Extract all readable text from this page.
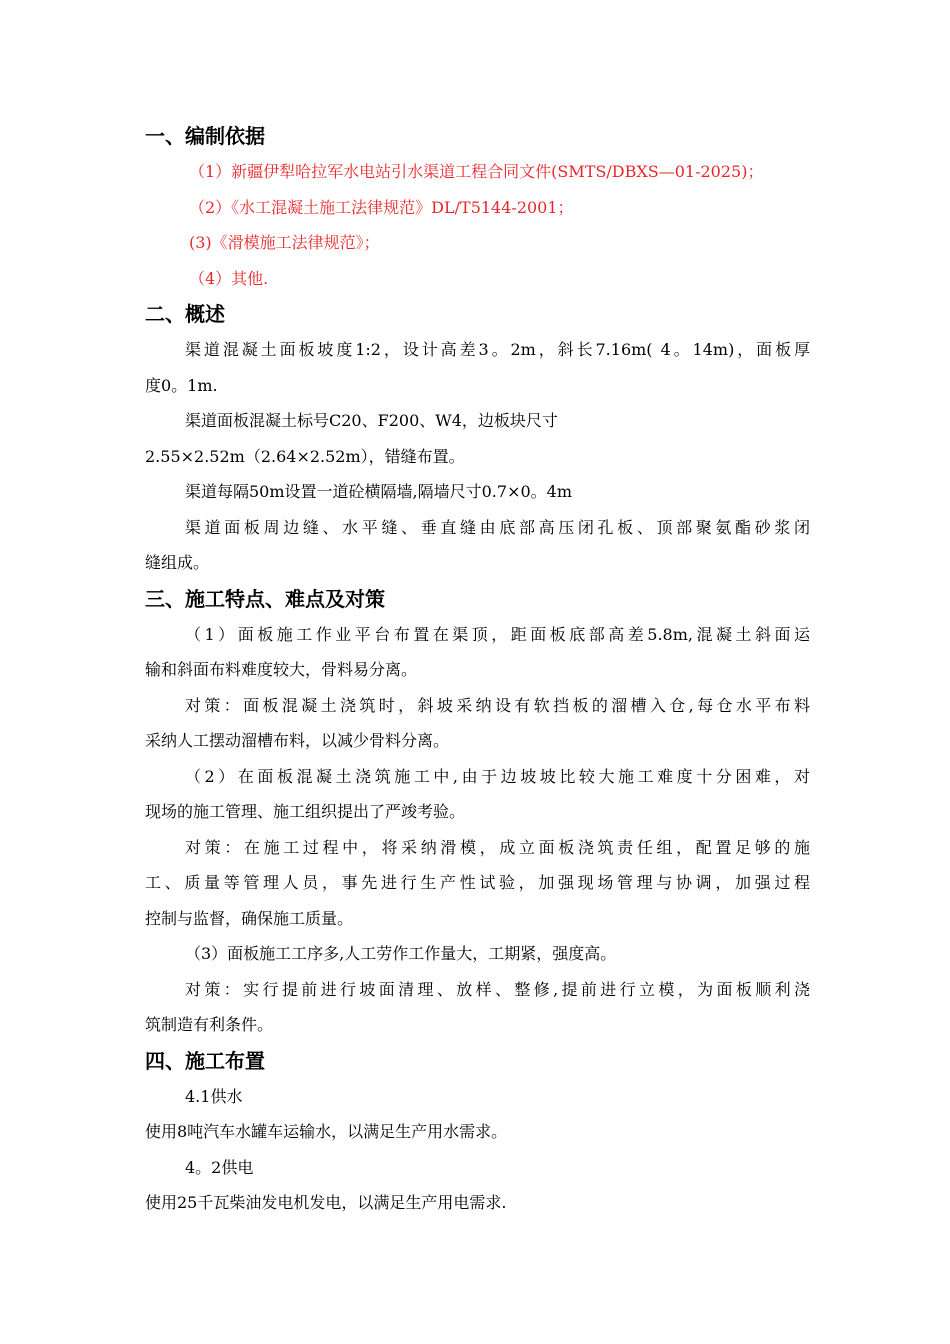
一、编制依据
（1）新疆伊犁哈拉军水电站引水渠道工程合同文件(SMTS/DBXS—01-2025)；
（2）《水工混凝土施工法律规范》DL/T5144-2001；
(3)《滑模施工法律规范》；
（4）其他.
二、概述
渠道混凝土面板坡度1:2，设计高差3。2m，斜长7.16m( 4。14m)，面板厚
度0。1m.
渠道面板混凝土标号C20、F200、W4，边板块尺寸
2.55×2.52m（2.64×2.52m），错缝布置。
渠道每隔50m设置一道砼横隔墙,隔墙尺寸0.7×0。4m
渠道面板周边缝、水平缝、垂直缝由底部高压闭孔板、顶部聚氨酯砂浆闭
缝组成。
三、施工特点、难点及对策
（1）面板施工作业平台布置在渠顶，距面板底部高差5.8m,混凝土斜面运
输和斜面布料难度较大，骨料易分离。
对策：面板混凝土浇筑时，斜坡采纳设有软挡板的溜槽入仓,每仓水平布料
采纳人工摆动溜槽布料，以减少骨料分离。
（2）在面板混凝土浇筑施工中,由于边坡坡比较大施工难度十分困难，对
现场的施工管理、施工组织提出了严竣考验。
对策：在施工过程中，将采纳滑模，成立面板浇筑责任组，配置足够的施
工、质量等管理人员，事先进行生产性试验，加强现场管理与协调，加强过程
控制与监督，确保施工质量。
（3）面板施工工序多,人工劳作工作量大，工期紧，强度高。
对策：实行提前进行坡面清理、放样、整修,提前进行立模，为面板顺利浇
筑制造有利条件。
四、施工布置
4.1供水
使用8吨汽车水罐车运输水，以满足生产用水需求。
4。2供电
使用25千瓦柴油发电机发电，以满足生产用电需求.
